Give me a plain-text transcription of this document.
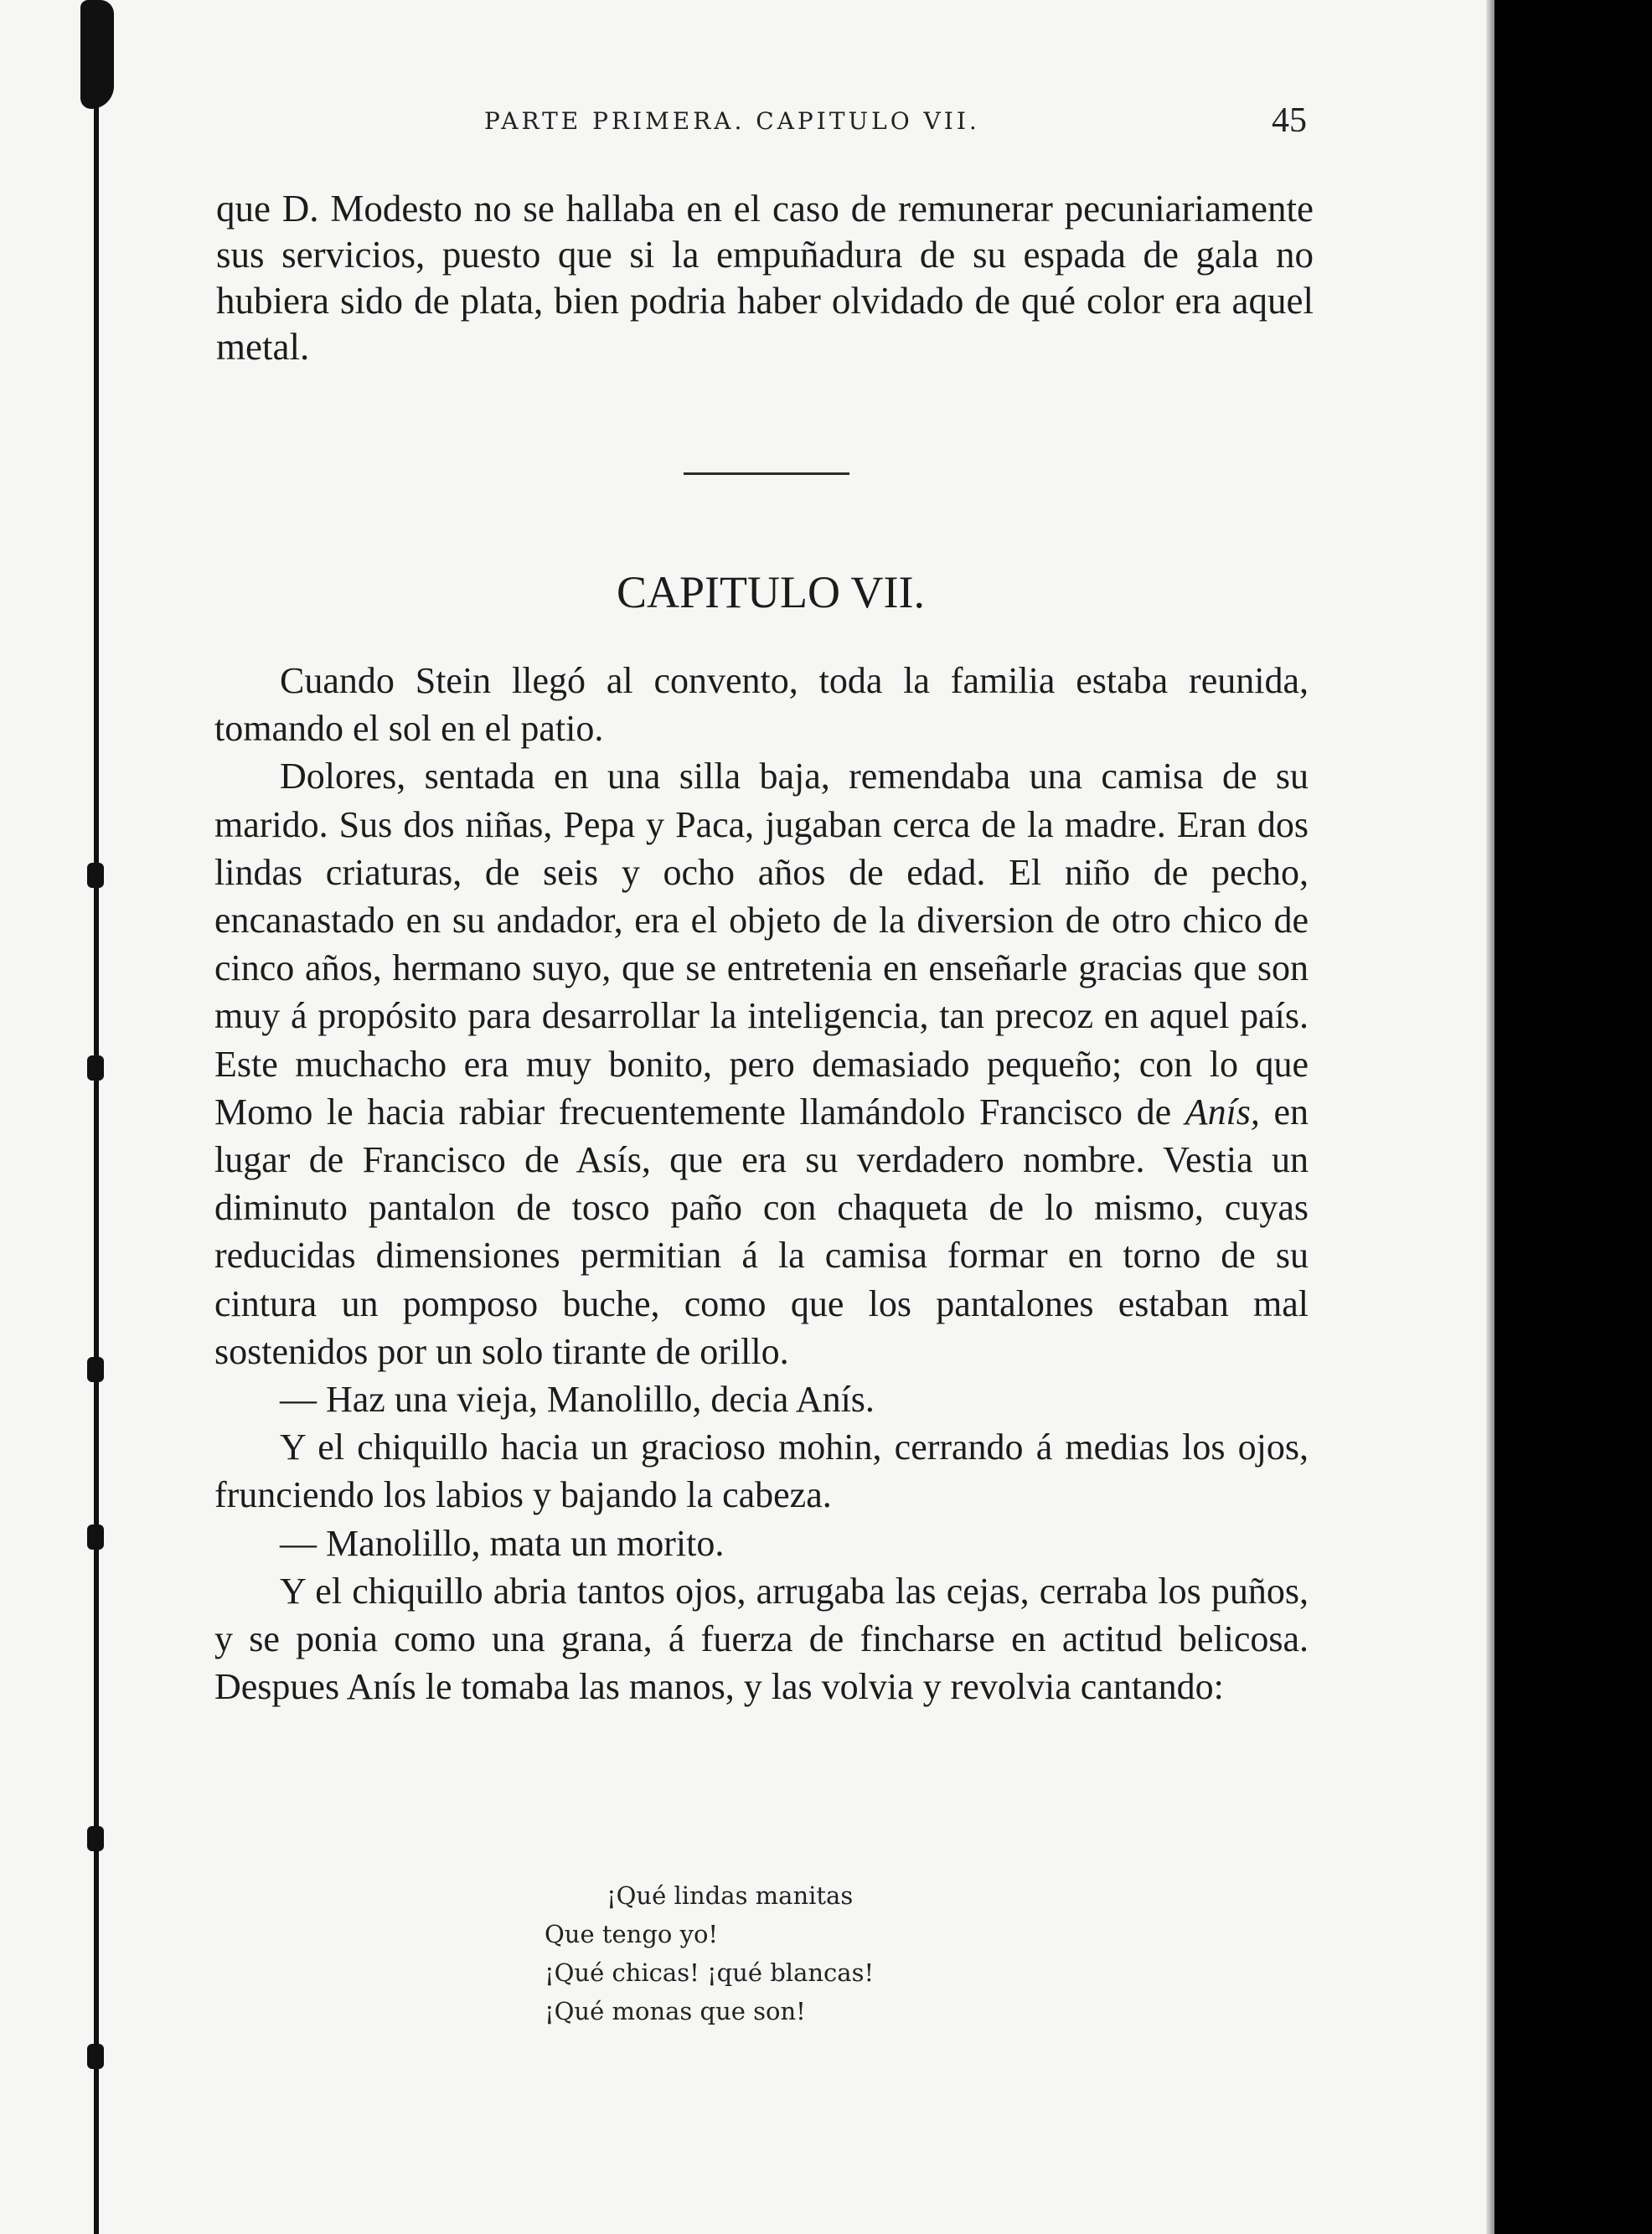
PARTE PRIMERA. CAPITULO VII.	45

que D. Modesto no se hallaba en el caso de remunerar pecuniariamente sus servicios, puesto que si la empuñadura de su espada de gala no hubiera sido de plata, bien podria haber olvidado de qué color era aquel metal.

CAPITULO VII.

Cuando Stein llegó al convento, toda la familia estaba reunida, tomando el sol en el patio.

Dolores, sentada en una silla baja, remendaba una camisa de su marido. Sus dos niñas, Pepa y Paca, jugaban cerca de la madre. Eran dos lindas criaturas, de seis y ocho años de edad. El niño de pecho, encanastado en su andador, era el objeto de la diversion de otro chico de cinco años, hermano suyo, que se entretenia en enseñarle gracias que son muy á propósito para desarrollar la inteligencia, tan precoz en aquel país. Este muchacho era muy bonito, pero demasiado pequeño; con lo que Momo le hacia rabiar frecuentemente llamándolo Francisco de Anís, en lugar de Francisco de Asís, que era su verdadero nombre. Vestia un diminuto pantalon de tosco paño con chaqueta de lo mismo, cuyas reducidas dimensiones permitian á la camisa formar en torno de su cintura un pomposo buche, como que los pantalones estaban mal sostenidos por un solo tirante de orillo.

— Haz una vieja, Manolillo, decia Anís.

Y el chiquillo hacia un gracioso mohin, cerrando á medias los ojos, frunciendo los labios y bajando la cabeza.

— Manolillo, mata un morito.

Y el chiquillo abria tantos ojos, arrugaba las cejas, cerraba los puños, y se ponia como una grana, á fuerza de fincharse en actitud belicosa. Despues Anís le tomaba las manos, y las volvia y revolvia cantando:

¡Qué lindas manitas
Que tengo yo!
¡Qué chicas! ¡qué blancas!
¡Qué monas que son!
